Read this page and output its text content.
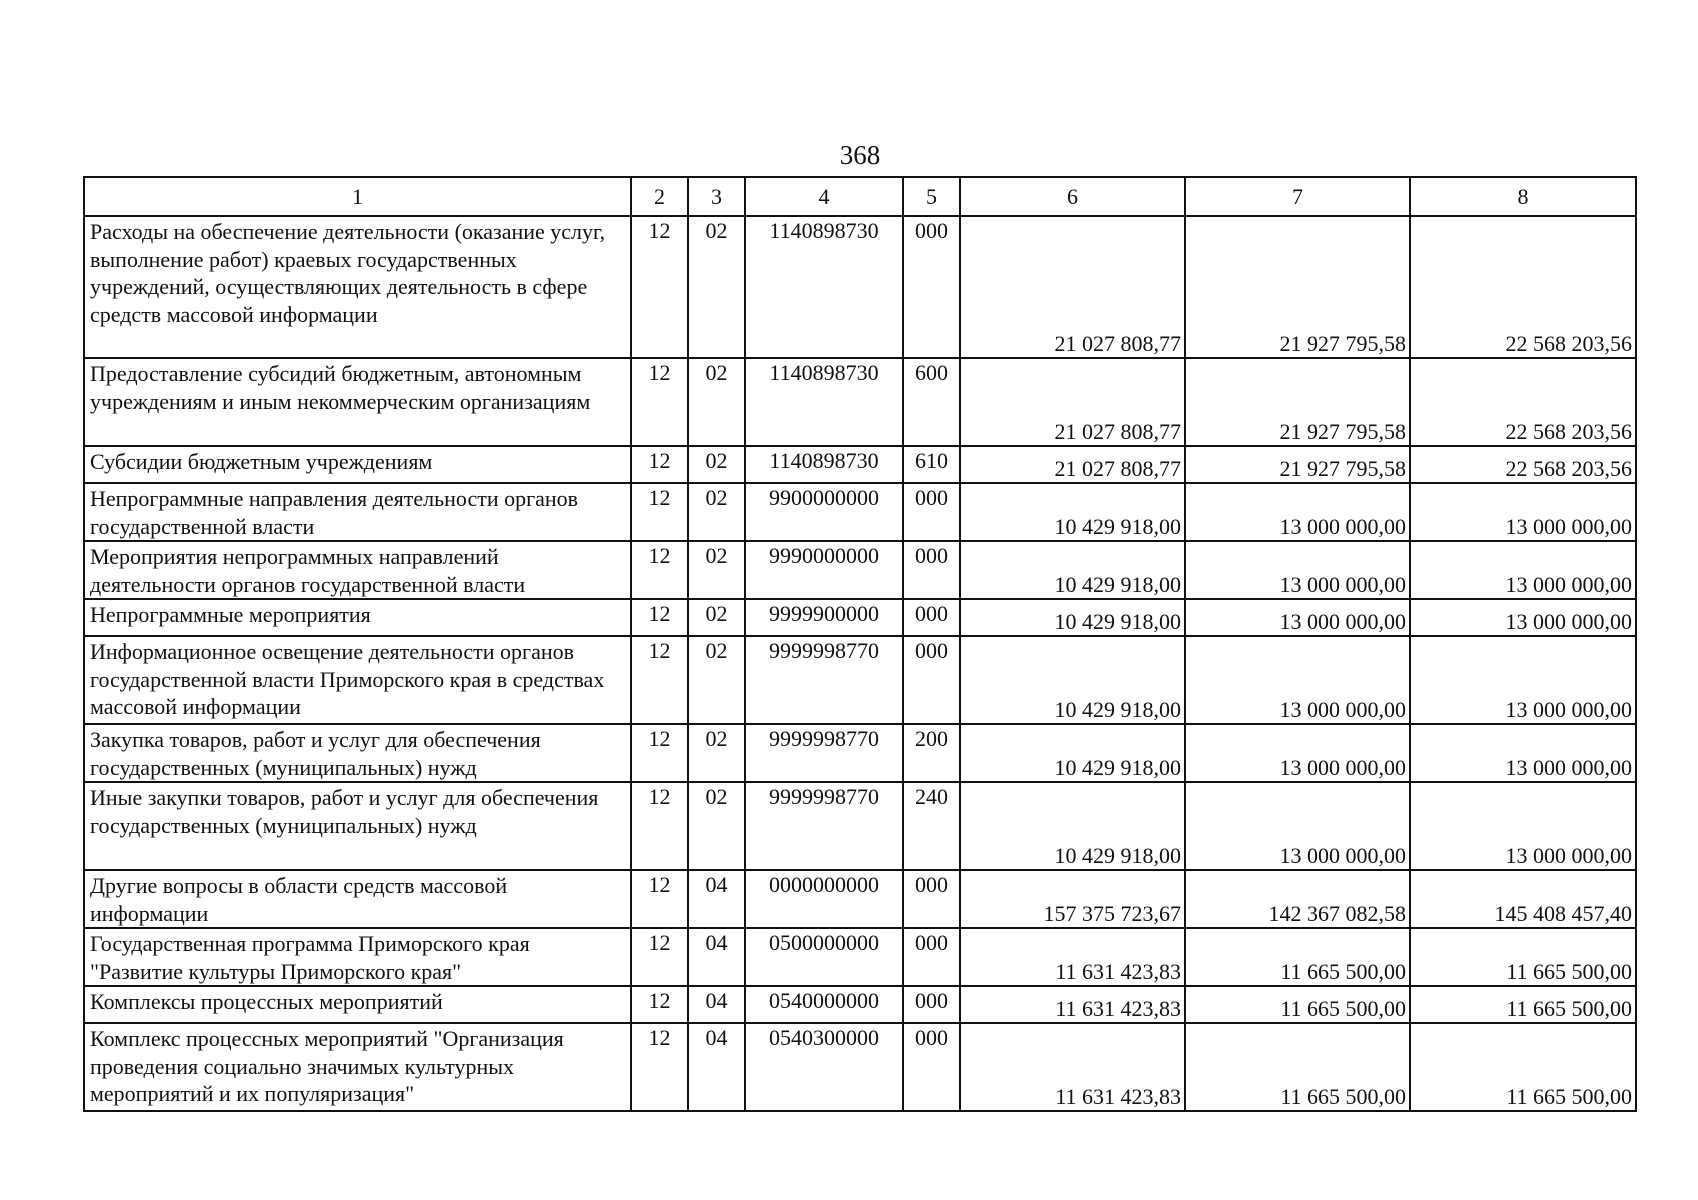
368
1	2	3	4	5	6	7	8
Расходы на обеспечение деятельности (оказание услуг, выполнение работ) краевых государственных учреждений, осуществляющих деятельность в сфере средств массовой информации	12	02	1140898730	000	21 027 808,77	21 927 795,58	22 568 203,56
Предоставление субсидий бюджетным, автономным учреждениям и иным некоммерческим организациям	12	02	1140898730	600	21 027 808,77	21 927 795,58	22 568 203,56
Субсидии бюджетным учреждениям	12	02	1140898730	610	21 027 808,77	21 927 795,58	22 568 203,56
Непрограммные направления деятельности органов государственной власти	12	02	9900000000	000	10 429 918,00	13 000 000,00	13 000 000,00
Мероприятия непрограммных направлений деятельности органов государственной власти	12	02	9990000000	000	10 429 918,00	13 000 000,00	13 000 000,00
Непрограммные мероприятия	12	02	9999900000	000	10 429 918,00	13 000 000,00	13 000 000,00
Информационное освещение деятельности органов государственной власти Приморского края в средствах массовой информации	12	02	9999998770	000	10 429 918,00	13 000 000,00	13 000 000,00
Закупка товаров, работ и услуг для обеспечения государственных (муниципальных) нужд	12	02	9999998770	200	10 429 918,00	13 000 000,00	13 000 000,00
Иные закупки товаров, работ и услуг для обеспечения государственных (муниципальных) нужд	12	02	9999998770	240	10 429 918,00	13 000 000,00	13 000 000,00
Другие вопросы в области средств массовой информации	12	04	0000000000	000	157 375 723,67	142 367 082,58	145 408 457,40
Государственная программа Приморского края "Развитие культуры Приморского края"	12	04	0500000000	000	11 631 423,83	11 665 500,00	11 665 500,00
Комплексы процессных мероприятий	12	04	0540000000	000	11 631 423,83	11 665 500,00	11 665 500,00
Комплекс процессных мероприятий "Организация проведения социально значимых культурных мероприятий и их популяризация"	12	04	0540300000	000	11 631 423,83	11 665 500,00	11 665 500,00
